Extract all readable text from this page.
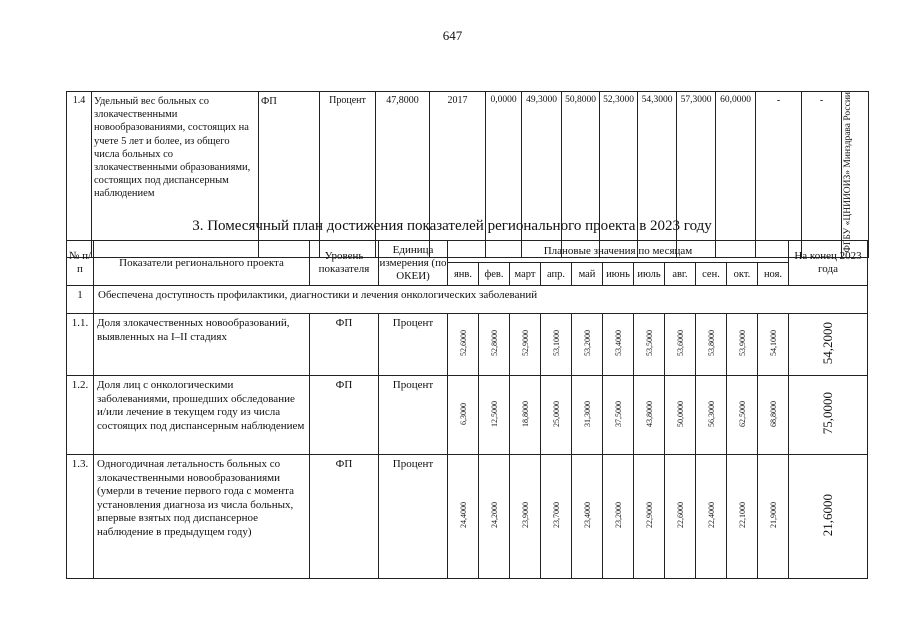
647
1.4	Удельный вес больных со злокачественными новообразованиями, состоящих на учете 5 лет и более, из общего числа больных со злокачественными образованиями, состоящих под диспансерным наблюдением	ФП	Процент	47,8000	2017	0,0000	49,3000	50,8000	52,3000	54,3000	57,3000	60,0000	-	-	ФГБУ «ЦНИИОИЗ» Минздрава России
3. Помесячный план достижения показателей регионального проекта в 2023 году
№ п/п	Показатели регионального проекта	Уровень показателя	Единица измерения (по ОКЕИ)	Плановые значения по месяцам											На конец 2023 года
				янв.	фев.	март	апр.	май	июнь	июль	авг.	сен.	окт.	ноя.	
1	Обеспечена доступность профилактики, диагностики и лечения онкологических заболеваний														
1.1.	Доля злокачественных новообразований, выявленных на I–II стадиях	ФП	Процент	52,6000	52,8000	52,9000	53,1000	53,2000	53,4000	53,5000	53,6000	53,8000	53,9000	54,1000	54,2000
1.2.	Доля лиц с онкологическими заболеваниями, прошедших обследование и/или лечение в текущем году из числа состоящих под диспансерным наблюдением	ФП	Процент	6,3000	12,5000	18,8000	25,0000	31,3000	37,5000	43,8000	50,0000	56,3000	62,5000	68,8000	75,0000
1.3.	Одногодичная летальность больных со злокачественными новообразованиями (умерли в течение первого года с момента установления диагноза из числа больных, впервые взятых под диспансерное наблюдение в предыдущем году)	ФП	Процент	24,4000	24,2000	23,9000	23,7000	23,4000	23,2000	22,9000	22,6000	22,4000	22,1000	21,9000	21,6000
